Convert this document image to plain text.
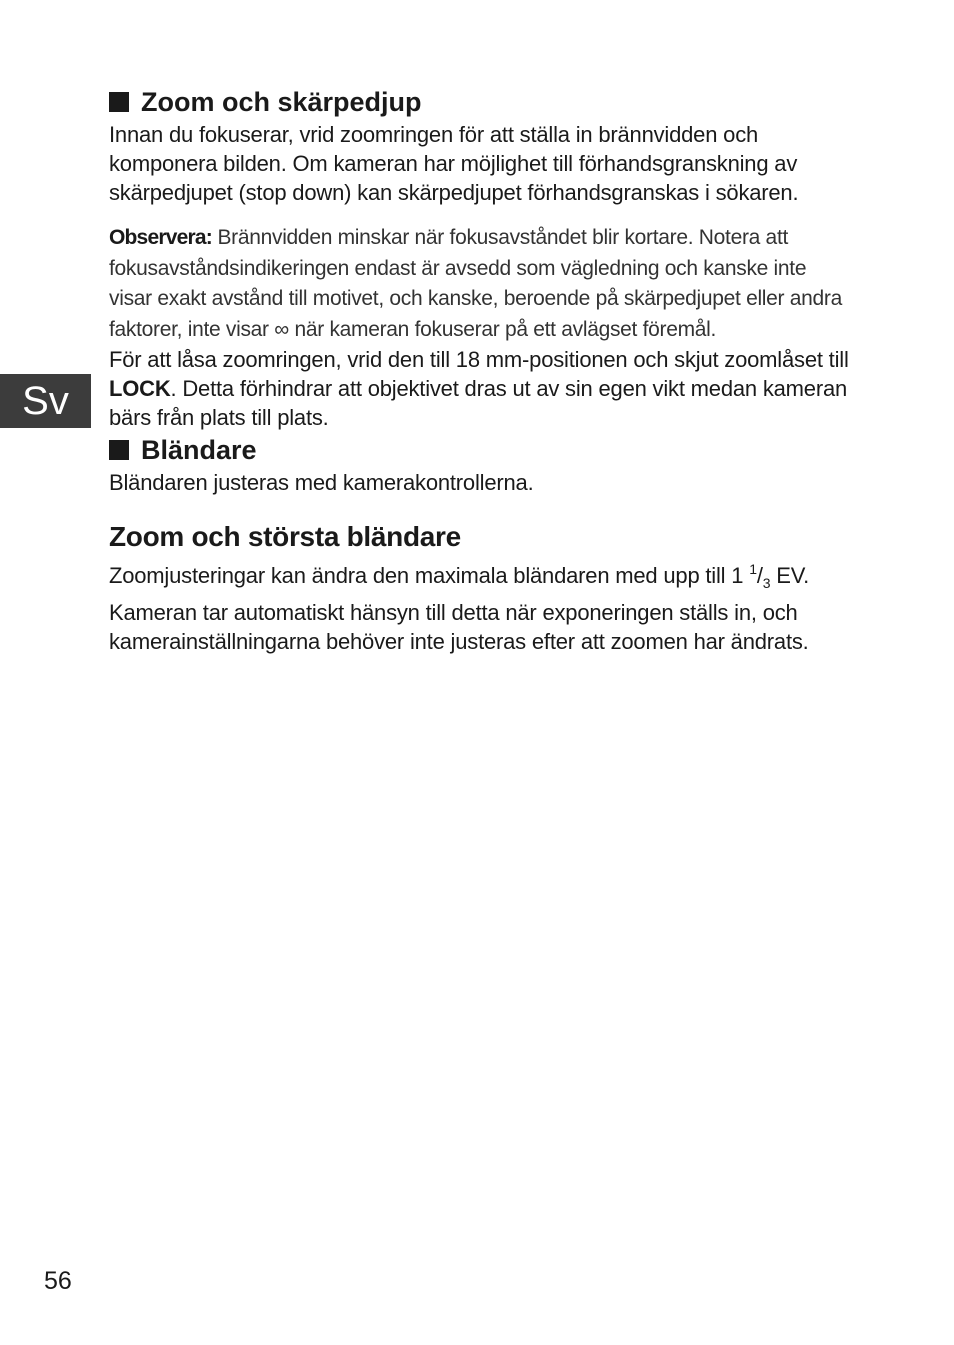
Sv
Zoom och skärpedjup

Innan du fokuserar, vrid zoomringen för att ställa in brännvidden och komponera bilden. Om kameran har möjlighet till förhandsgranskning av skärpedjupet (stop down) kan skärpedjupet förhandsgranskas i sökaren.

Observera: Brännvidden minskar när fokusavståndet blir kortare. Notera att fokusavståndsindikeringen endast är avsedd som vägledning och kanske inte visar exakt avstånd till motivet, och kanske, beroende på skärpedjupet eller andra faktorer, inte visar ∞ när kameran fokuserar på ett avlägset föremål.

För att låsa zoomringen, vrid den till 18 mm-positionen och skjut zoomlåset till LOCK. Detta förhindrar att objektivet dras ut av sin egen vikt medan kameran bärs från plats till plats.

Bländare

Bländaren justeras med kamerakontrollerna.

Zoom och största bländare

Zoomjusteringar kan ändra den maximala bländaren med upp till 1 $^1/_3$ EV. Kameran tar automatiskt hänsyn till detta när exponeringen ställs in, och kamerainställningarna behöver inte justeras efter att zoomen har ändrats.

56
